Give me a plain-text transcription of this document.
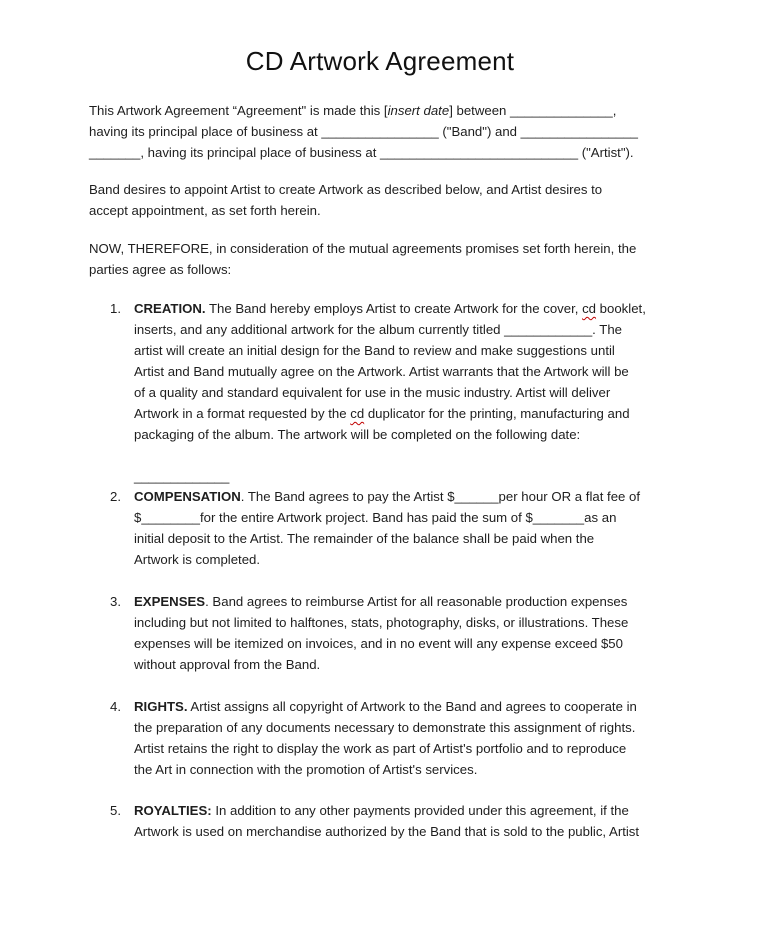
CD Artwork Agreement
This Artwork Agreement “Agreement" is made this [insert date] between ______________,
having its principal place of business at ________________ ("Band") and ________________
_______, having its principal place of business at ___________________________ ("Artist").
Band desires to appoint Artist to create Artwork as described below, and Artist desires to
accept appointment, as set forth herein.
NOW, THEREFORE, in consideration of the mutual agreements promises set forth herein, the
parties agree as follows:
1. CREATION. The Band hereby employs Artist to create Artwork for the cover, cd booklet,
inserts, and any additional artwork for the album currently titled ____________. The
artist will create an initial design for the Band to review and make suggestions until
Artist and Band mutually agree on the Artwork. Artist warrants that the Artwork will be
of a quality and standard equivalent for use in the music industry. Artist will deliver
Artwork in a format requested by the cd duplicator for the printing, manufacturing and
packaging of the album. The artwork will be completed on the following date:
_____________
2. COMPENSATION. The Band agrees to pay the Artist $______per hour OR a flat fee of
$________for the entire Artwork project. Band has paid the sum of $_______as an
initial deposit to the Artist. The remainder of the balance shall be paid when the
Artwork is completed.
3. EXPENSES. Band agrees to reimburse Artist for all reasonable production expenses
including but not limited to halftones, stats, photography, disks, or illustrations. These
expenses will be itemized on invoices, and in no event will any expense exceed $50
without approval from the Band.
4. RIGHTS. Artist assigns all copyright of Artwork to the Band and agrees to cooperate in
the preparation of any documents necessary to demonstrate this assignment of rights.
Artist retains the right to display the work as part of Artist's portfolio and to reproduce
the Art in connection with the promotion of Artist's services.
5. ROYALTIES: In addition to any other payments provided under this agreement, if the
Artwork is used on merchandise authorized by the Band that is sold to the public, Artist
